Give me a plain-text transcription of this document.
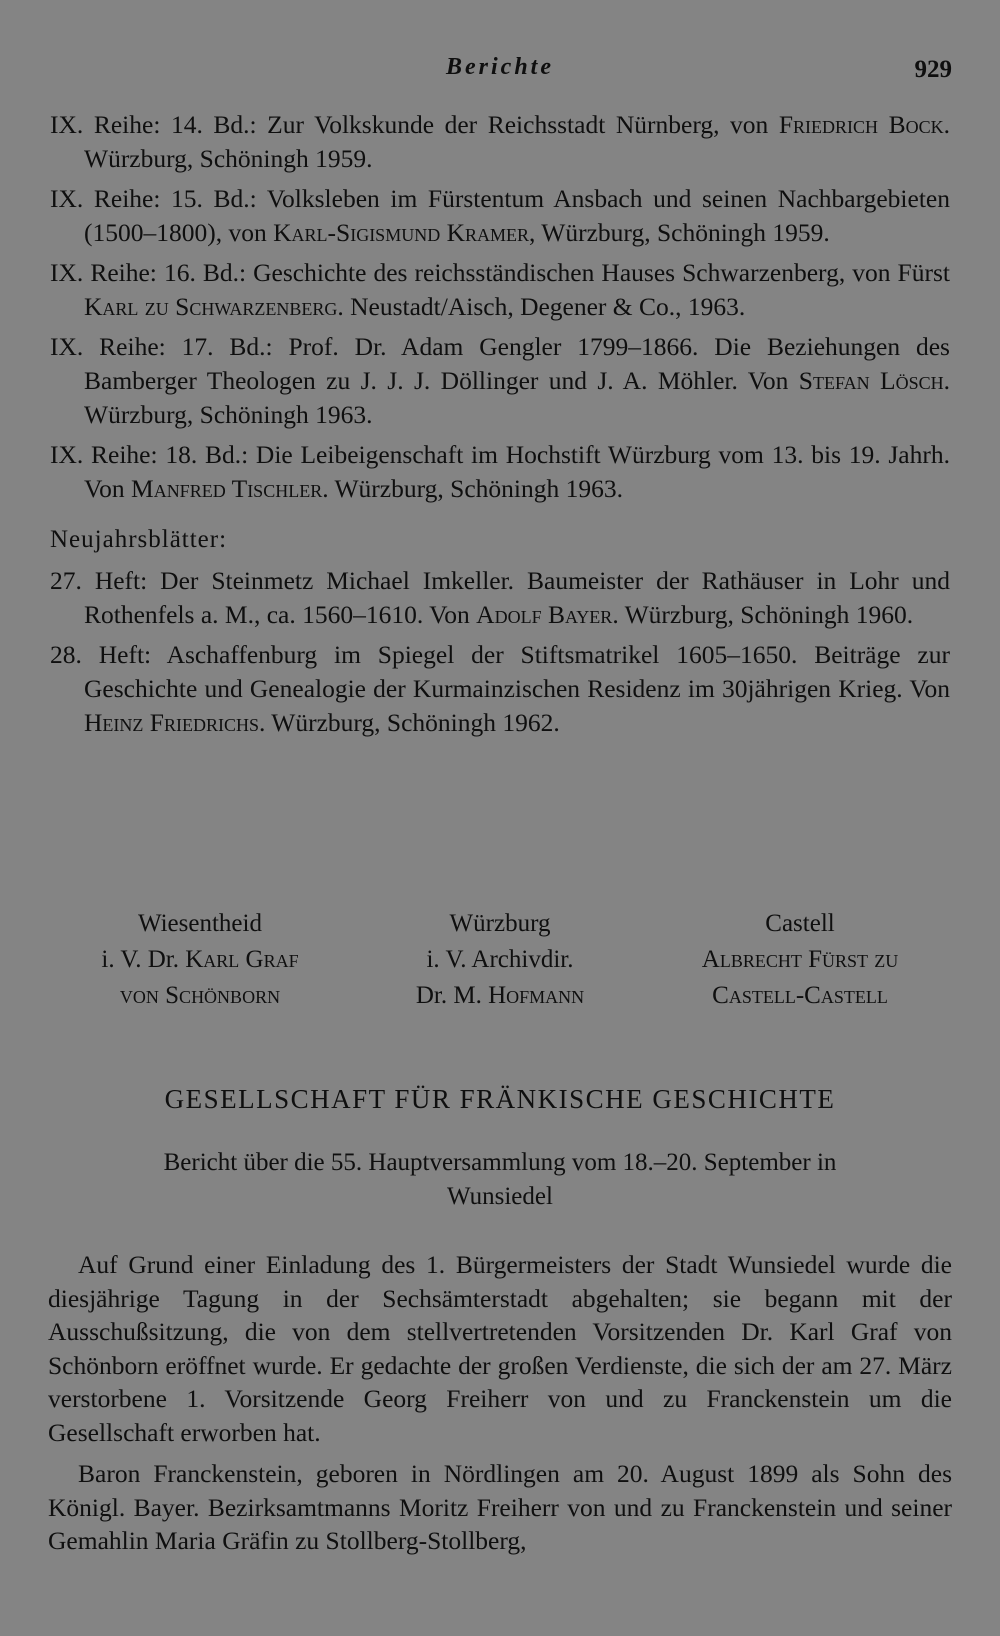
Berichte	929

IX. Reihe: 14. Bd.: Zur Volkskunde der Reichsstadt Nürnberg, von Friedrich Bock. Würzburg, Schöningh 1959.

IX. Reihe: 15. Bd.: Volksleben im Fürstentum Ansbach und seinen Nachbargebieten (1500–1800), von Karl-Sigismund Kramer, Würzburg, Schöningh 1959.

IX. Reihe: 16. Bd.: Geschichte des reichsständischen Hauses Schwarzenberg, von Fürst Karl zu Schwarzenberg. Neustadt/Aisch, Degener & Co., 1963.

IX. Reihe: 17. Bd.: Prof. Dr. Adam Gengler 1799–1866. Die Beziehungen des Bamberger Theologen zu J. J. J. Döllinger und J. A. Möhler. Von Stefan Lösch. Würzburg, Schöningh 1963.

IX. Reihe: 18. Bd.: Die Leibeigenschaft im Hochstift Würzburg vom 13. bis 19. Jahrh. Von Manfred Tischler. Würzburg, Schöningh 1963.

Neujahrsblätter:

27. Heft: Der Steinmetz Michael Imkeller. Baumeister der Rathäuser in Lohr und Rothenfels a. M., ca. 1560–1610. Von Adolf Bayer. Würzburg, Schöningh 1960.

28. Heft: Aschaffenburg im Spiegel der Stiftsmatrikel 1605–1650. Beiträge zur Geschichte und Genealogie der Kurmainzischen Residenz im 30jährigen Krieg. Von Heinz Friedrichs. Würzburg, Schöningh 1962.

Wiesentheid
i. V. Dr. Karl Graf
von Schönborn
Würzburg
i. V. Archivdir.
Dr. M. Hofmann
Castell
Albrecht Fürst zu
Castell-Castell
GESELLSCHAFT FÜR FRÄNKISCHE GESCHICHTE
Bericht über die 55. Hauptversammlung vom 18.–20. September in Wunsiedel

Auf Grund einer Einladung des 1. Bürgermeisters der Stadt Wunsiedel wurde die diesjährige Tagung in der Sechsämterstadt abgehalten; sie begann mit der Ausschußsitzung, die von dem stellvertretenden Vorsitzenden Dr. Karl Graf von Schönborn eröffnet wurde. Er gedachte der großen Verdienste, die sich der am 27. März verstorbene 1. Vorsitzende Georg Freiherr von und zu Franckenstein um die Gesellschaft erworben hat.

Baron Franckenstein, geboren in Nördlingen am 20. August 1899 als Sohn des Königl. Bayer. Bezirksamtmanns Moritz Freiherr von und zu Franckenstein und seiner Gemahlin Maria Gräfin zu Stollberg-Stollberg,
